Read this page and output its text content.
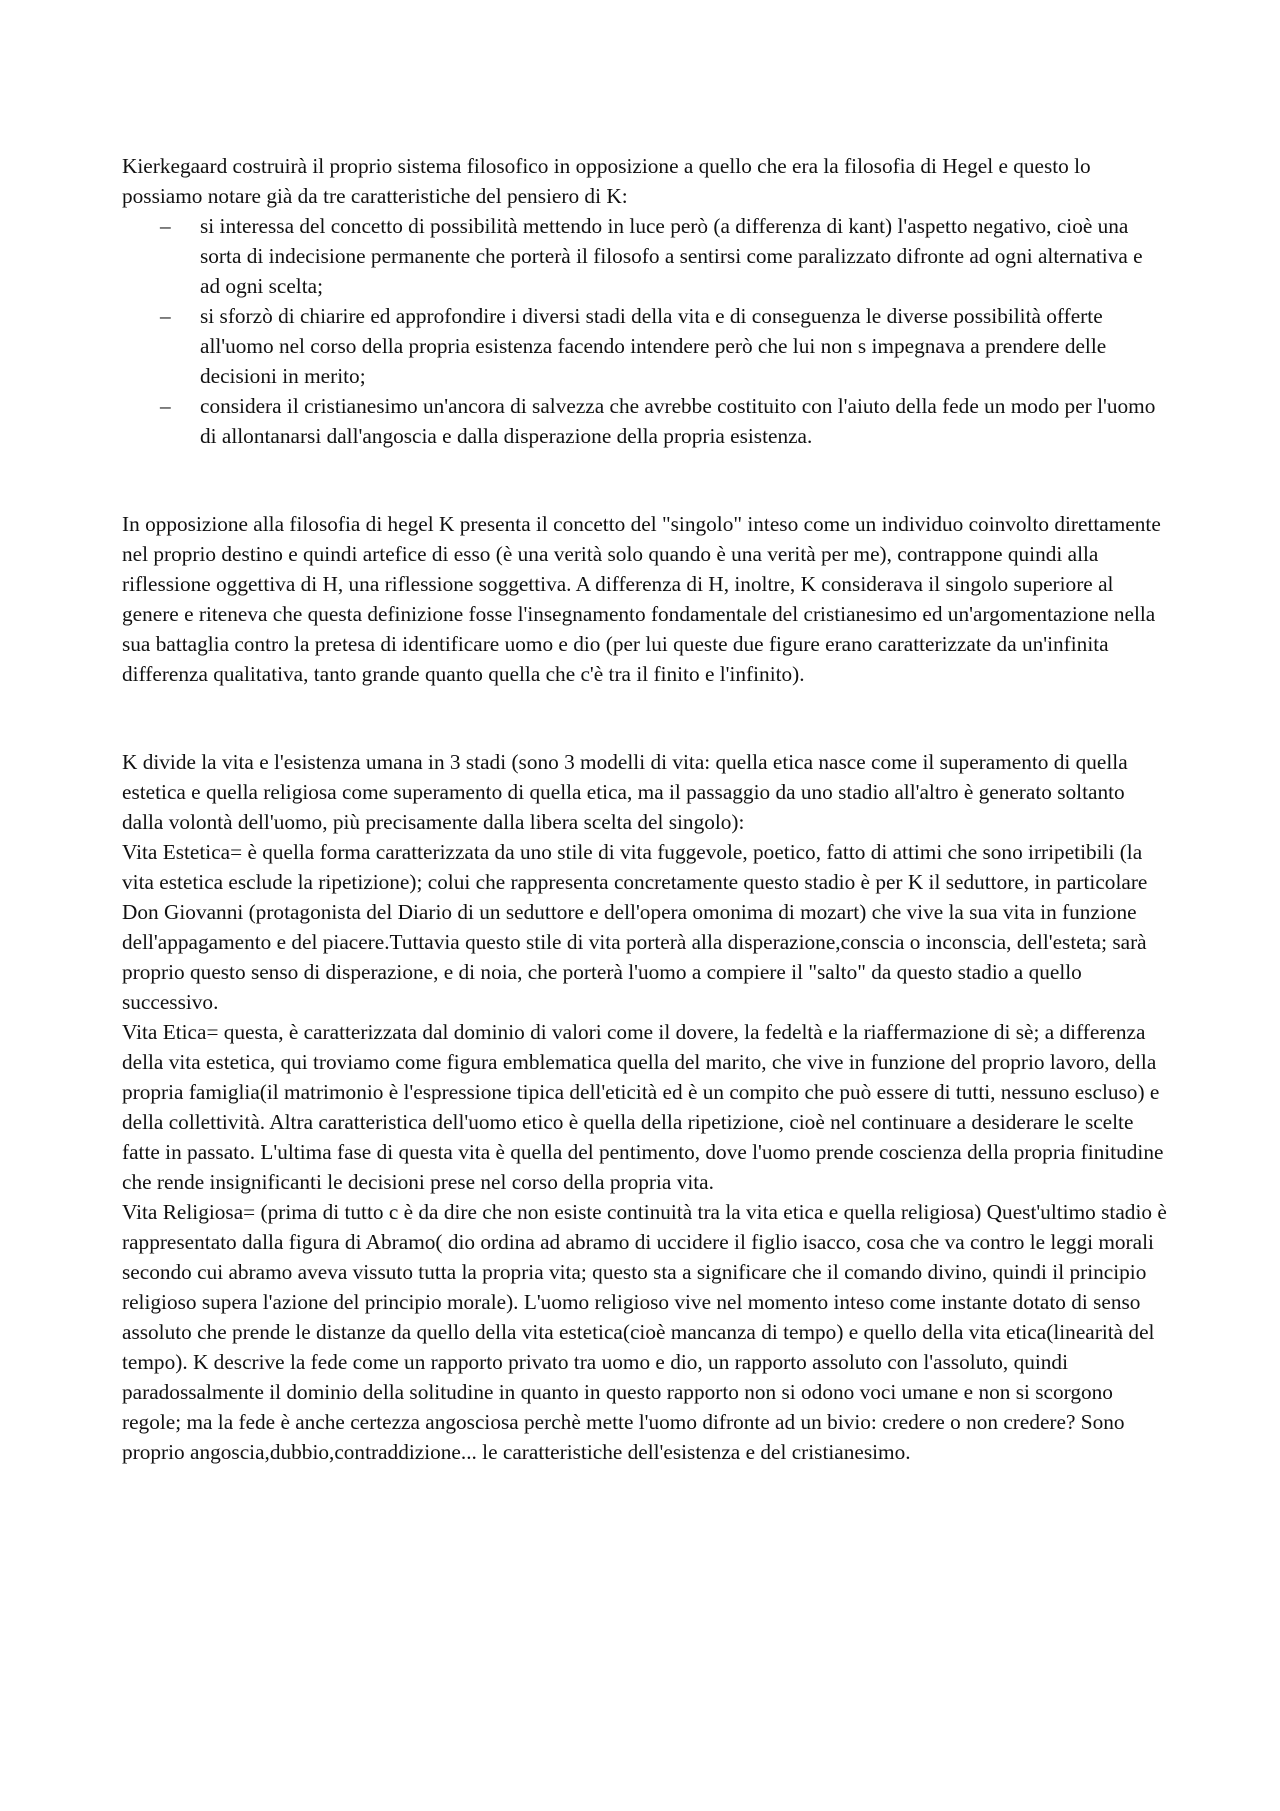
Kierkegaard costruirà il proprio sistema filosofico in opposizione a quello che era la filosofia di Hegel e questo lo possiamo notare già da tre caratteristiche del pensiero di K:

– si interessa del concetto di possibilità mettendo in luce però (a differenza di kant) l'aspetto negativo, cioè una sorta di indecisione permanente che porterà il filosofo a sentirsi come paralizzato difronte ad ogni alternativa e ad ogni scelta;
– si sforzò di chiarire ed approfondire i diversi stadi della vita e di conseguenza le diverse possibilità offerte all'uomo nel corso della propria esistenza facendo intendere però che lui non s impegnava a prendere delle decisioni in merito;
– considera il cristianesimo un'ancora di salvezza che avrebbe costituito con l'aiuto della fede un modo per l'uomo di allontanarsi dall'angoscia e dalla disperazione della propria esistenza.

In opposizione alla filosofia di hegel K presenta il concetto del "singolo" inteso come un individuo coinvolto direttamente nel proprio destino e quindi artefice di esso (è una verità solo quando è una verità per me), contrappone quindi alla riflessione oggettiva di H, una riflessione soggettiva. A differenza di H, inoltre, K considerava il singolo superiore al genere e riteneva che questa definizione fosse l'insegnamento fondamentale del cristianesimo ed un'argomentazione nella sua battaglia contro la pretesa di identificare uomo e dio (per lui queste due figure erano caratterizzate da un'infinita differenza qualitativa, tanto grande quanto quella che c'è tra il finito e l'infinito).

K divide la vita e l'esistenza umana in 3 stadi (sono 3 modelli di vita: quella etica nasce come il superamento di quella estetica e quella religiosa come superamento di quella etica, ma il passaggio da uno stadio all'altro è generato soltanto dalla volontà dell'uomo, più precisamente dalla libera scelta del singolo):

Vita Estetica= è quella forma caratterizzata da uno stile di vita fuggevole, poetico, fatto di attimi che sono irripetibili (la vita estetica esclude la ripetizione); colui che rappresenta concretamente questo stadio è per K il seduttore, in particolare Don Giovanni (protagonista del Diario di un seduttore e dell'opera omonima di mozart) che vive la sua vita in funzione dell'appagamento e del piacere.Tuttavia questo stile di vita porterà alla disperazione,conscia o inconscia, dell'esteta; sarà proprio questo senso di disperazione, e di noia, che porterà l'uomo a compiere il "salto" da questo stadio a quello successivo.

Vita Etica= questa, è caratterizzata dal dominio di valori come il dovere, la fedeltà e la riaffermazione di sè; a differenza della vita estetica, qui troviamo come figura emblematica quella del marito, che vive in funzione del proprio lavoro, della propria famiglia(il matrimonio è l'espressione tipica dell'eticità ed è un compito che può essere di tutti, nessuno escluso) e della collettività. Altra caratteristica dell'uomo etico è quella della ripetizione, cioè nel continuare a desiderare le scelte fatte in passato. L'ultima fase di questa vita è quella del pentimento, dove l'uomo prende coscienza della propria finitudine che rende insignificanti le decisioni prese nel corso della propria vita.

Vita Religiosa= (prima di tutto c è da dire che non esiste continuità tra la vita etica e quella religiosa) Quest'ultimo stadio è rappresentato dalla figura di Abramo( dio ordina ad abramo di uccidere il figlio isacco, cosa che va contro le leggi morali secondo cui abramo aveva vissuto tutta la propria vita; questo sta a significare che il comando divino, quindi il principio religioso supera l'azione del principio morale). L'uomo religioso vive nel momento inteso come instante dotato di senso assoluto che prende le distanze da quello della vita estetica(cioè mancanza di tempo) e quello della vita etica(linearità del tempo). K descrive la fede come un rapporto privato tra uomo e dio, un rapporto assoluto con l'assoluto, quindi paradossalmente il dominio della solitudine in quanto in questo rapporto non si odono voci umane e non si scorgono regole; ma la fede è anche certezza angosciosa perchè mette l'uomo difronte ad un bivio: credere o non credere? Sono proprio angoscia,dubbio,contraddizione... le caratteristiche dell'esistenza e del cristianesimo.
